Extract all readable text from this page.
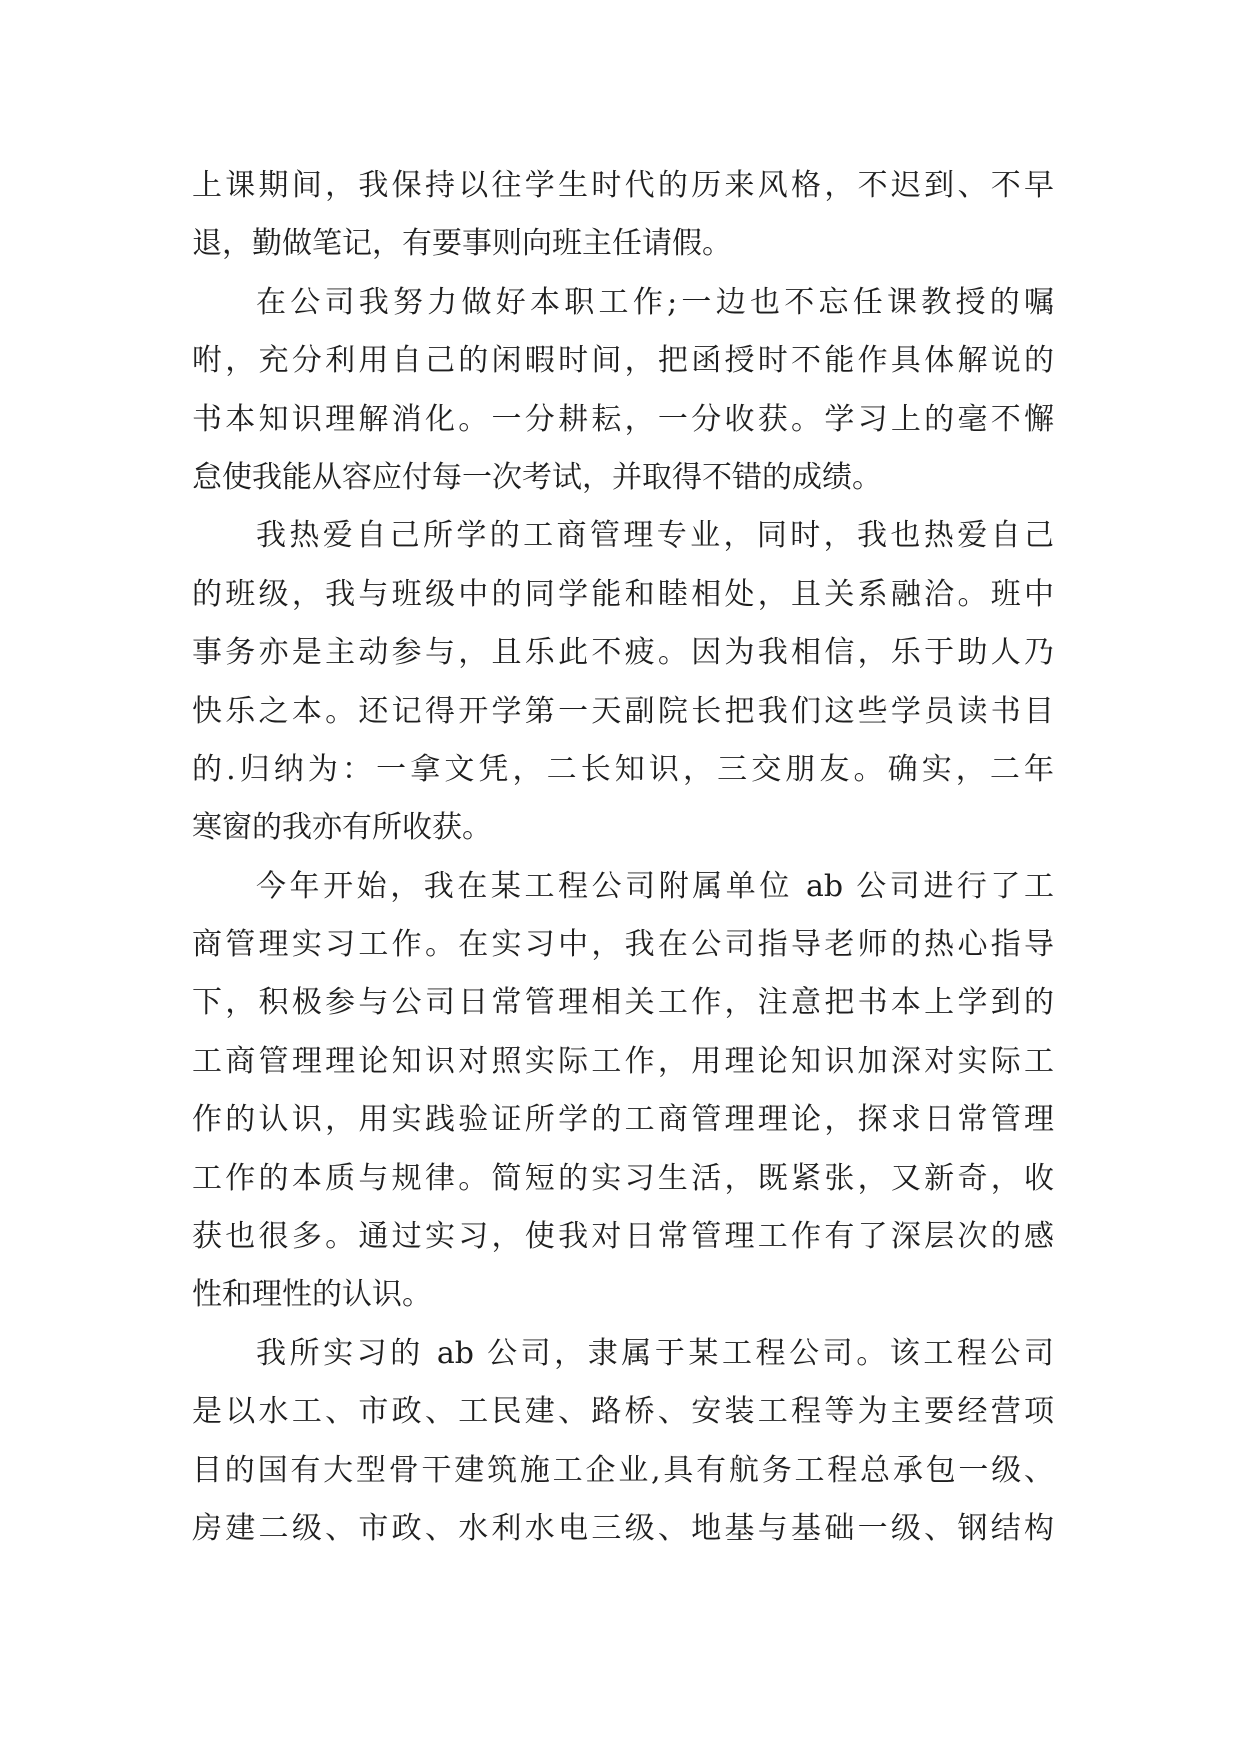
上课期间，我保持以往学生时代的历来风格，不迟到、不早
退，勤做笔记，有要事则向班主任请假。
在公司我努力做好本职工作;一边也不忘任课教授的嘱
咐，充分利用自己的闲暇时间，把函授时不能作具体解说的
书本知识理解消化。一分耕耘，一分收获。学习上的毫不懈
怠使我能从容应付每一次考试，并取得不错的成绩。
我热爱自己所学的工商管理专业，同时，我也热爱自己
的班级，我与班级中的同学能和睦相处，且关系融洽。班中
事务亦是主动参与，且乐此不疲。因为我相信，乐于助人乃
快乐之本。还记得开学第一天副院长把我们这些学员读书目
的.归纳为：一拿文凭，二长知识，三交朋友。确实，二年
寒窗的我亦有所收获。
今年开始，我在某工程公司附属单位 ab 公司进行了工
商管理实习工作。在实习中，我在公司指导老师的热心指导
下，积极参与公司日常管理相关工作，注意把书本上学到的
工商管理理论知识对照实际工作，用理论知识加深对实际工
作的认识，用实践验证所学的工商管理理论，探求日常管理
工作的本质与规律。简短的实习生活，既紧张，又新奇，收
获也很多。通过实习，使我对日常管理工作有了深层次的感
性和理性的认识。
我所实习的 ab 公司，隶属于某工程公司。该工程公司
是以水工、市政、工民建、路桥、安装工程等为主要经营项
目的国有大型骨干建筑施工企业,具有航务工程总承包一级、
房建二级、市政、水利水电三级、地基与基础一级、钢结构
